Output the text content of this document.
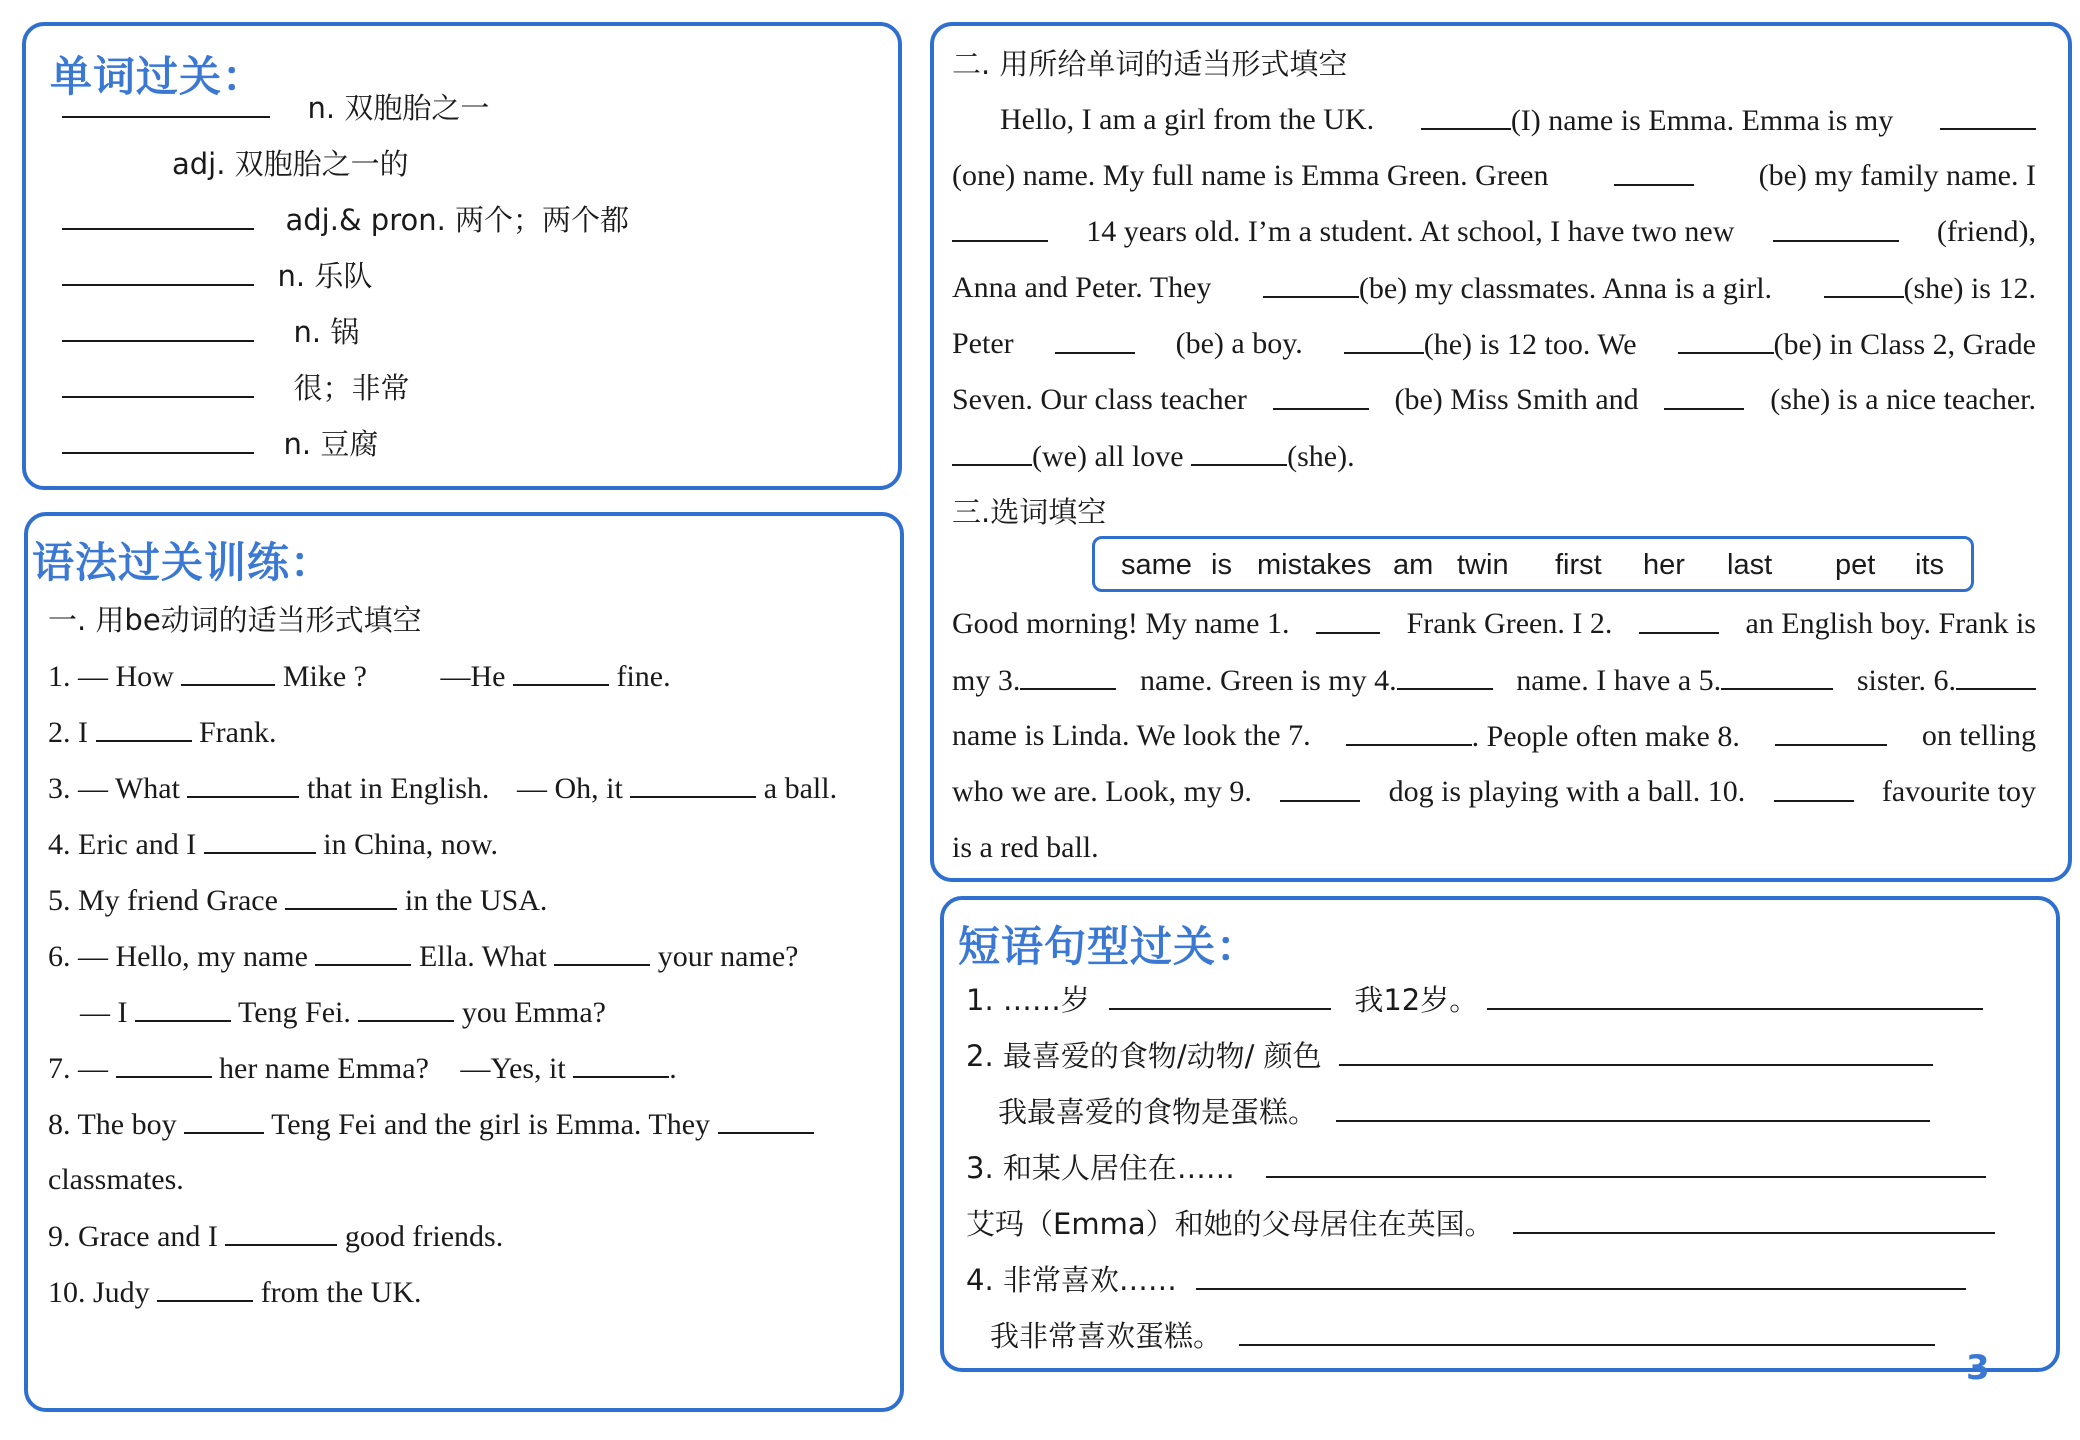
单词过关：
n. 双胞胎之一
adj. 双胞胎之一的
adj.& pron. 两个；两个都
n. 乐队
n. 锅
很；非常
n. 豆腐
语法过关训练：
一. 用be动词的适当形式填空
1. — How	Mike ? —He	fine.
2. I	Frank.
3. — What	that in English. — Oh, it	a ball.
4. Eric and I	in China, now.
5. My friend Grace	in the USA.
6. — Hello, my name	Ella. What	your name?
— I	Teng Fei.	you Emma?
7. —	her name Emma? —Yes, it	.
8. The boy	Teng Fei and the girl is Emma. They
classmates.
9. Grace and I	good friends.
10. Judy	from the UK.
二. 用所给单词的适当形式填空
Hello, I am a girl from the UK.	(I) name is Emma. Emma is my
(one) name. My full name is Emma Green. Green	(be) my family name. I
14 years old. I’m a student. At school, I have two new	(friend),
Anna and Peter. They	(be) my classmates. Anna is a girl.	(she) is 12.
Peter	(be) a boy.	(he) is 12 too. We	(be) in Class 2, Grade
Seven. Our class teacher	(be) Miss Smith and	(she) is a nice teacher.
(we) all love	(she).
三.选词填空
same is mistakes am twin first her last pet its
Good morning! My name 1.	Frank Green. I 2.	an English boy. Frank is
my 3.	name. Green is my 4.	name. I have a 5.	sister. 6.
name is Linda. We look the 7.	. People often make 8.	on telling
who we are. Look, my 9.	dog is playing with a ball. 10.	favourite toy
is a red ball.
短语句型过关：
1. ……岁	我12岁。
2. 最喜爱的食物/动物/ 颜色
我最喜爱的食物是蛋糕。
3. 和某人居住在……
艾玛（Emma）和她的父母居住在英国。
4. 非常喜欢……
我非常喜欢蛋糕。
3
